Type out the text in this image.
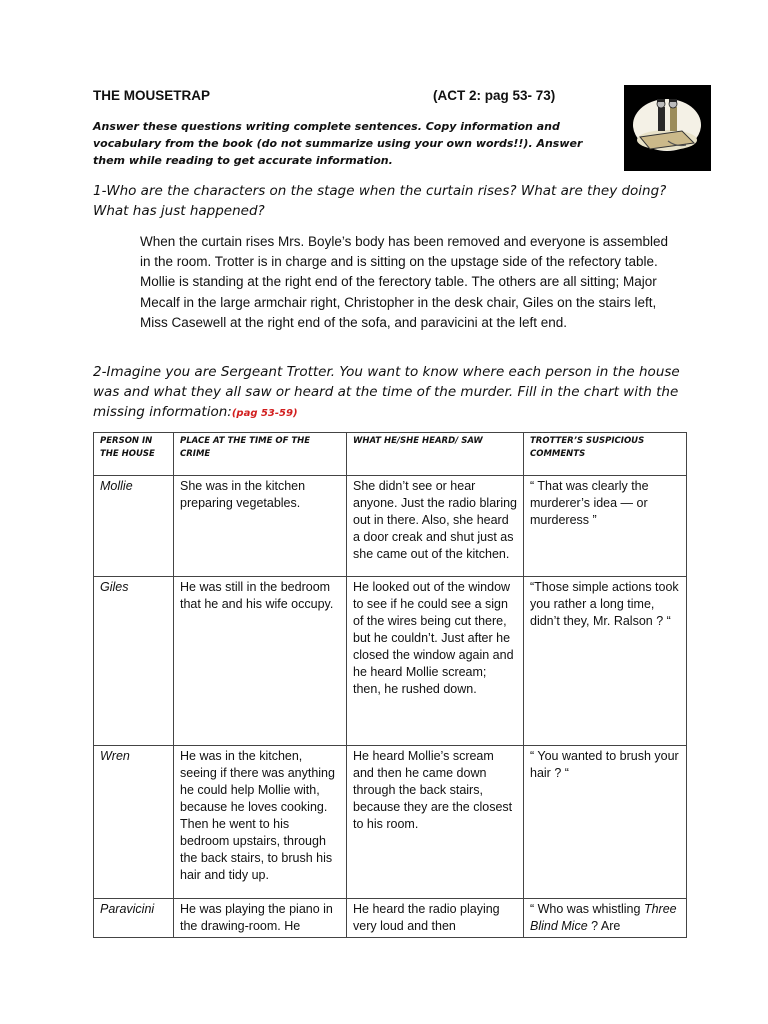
THE MOUSETRAP	(ACT 2: pag 53- 73)
Answer these questions writing complete sentences. Copy information and vocabulary from the book (do not summarize using your own words!!). Answer them while reading to get accurate information.
1-Who are the characters on the stage when the curtain rises? What are they doing? What has just happened?
When the curtain rises Mrs. Boyle’s body has been removed and everyone is assembled in the room. Trotter is in charge and is sitting on the upstage side of the refectory table. Mollie is standing at the right end of the ferectory table. The others are all sitting; Major Mecalf in the large armchair right, Christopher in the desk chair, Giles on the stairs left, Miss Casewell at the right end of the sofa, and paravicini at the left end.
2-Imagine you are Sergeant Trotter. You want to know where each person in the house was and what they all saw or heard at the time of the murder. Fill in the chart with the missing information:(pag 53-59)
PERSON IN THE HOUSE	PLACE AT THE TIME OF THE CRIME	WHAT HE/SHE HEARD/ SAW	TROTTER’S SUSPICIOUS COMMENTS
Mollie	She was in the kitchen preparing vegetables.	She didn’t see or hear anyone. Just the radio blaring out in there. Also, she heard a door creak and shut just as she came out of the kitchen.	“ That was clearly the murderer’s idea — or murderess ”
Giles	He was still in the bedroom that he and his wife occupy.	He looked out of the window to see if he could see a sign of the wires being cut there, but he couldn’t. Just after he closed the window again and he heard Mollie scream; then, he rushed down.	“Those simple actions took you rather a long time, didn’t they, Mr. Ralson ? “
Wren	He was in the kitchen, seeing if there was anything he could help Mollie with, because he loves cooking. Then he went to his bedroom upstairs, through the back stairs, to brush his hair and tidy up.	He heard Mollie’s scream and then he came down through the back stairs, because they are the closest to his room.	“ You wanted to brush your hair ? “
Paravicini	He was playing the piano in the drawing-room. He	He heard the radio playing very loud and then	“ Who was whistling Three Blind Mice ? Are
